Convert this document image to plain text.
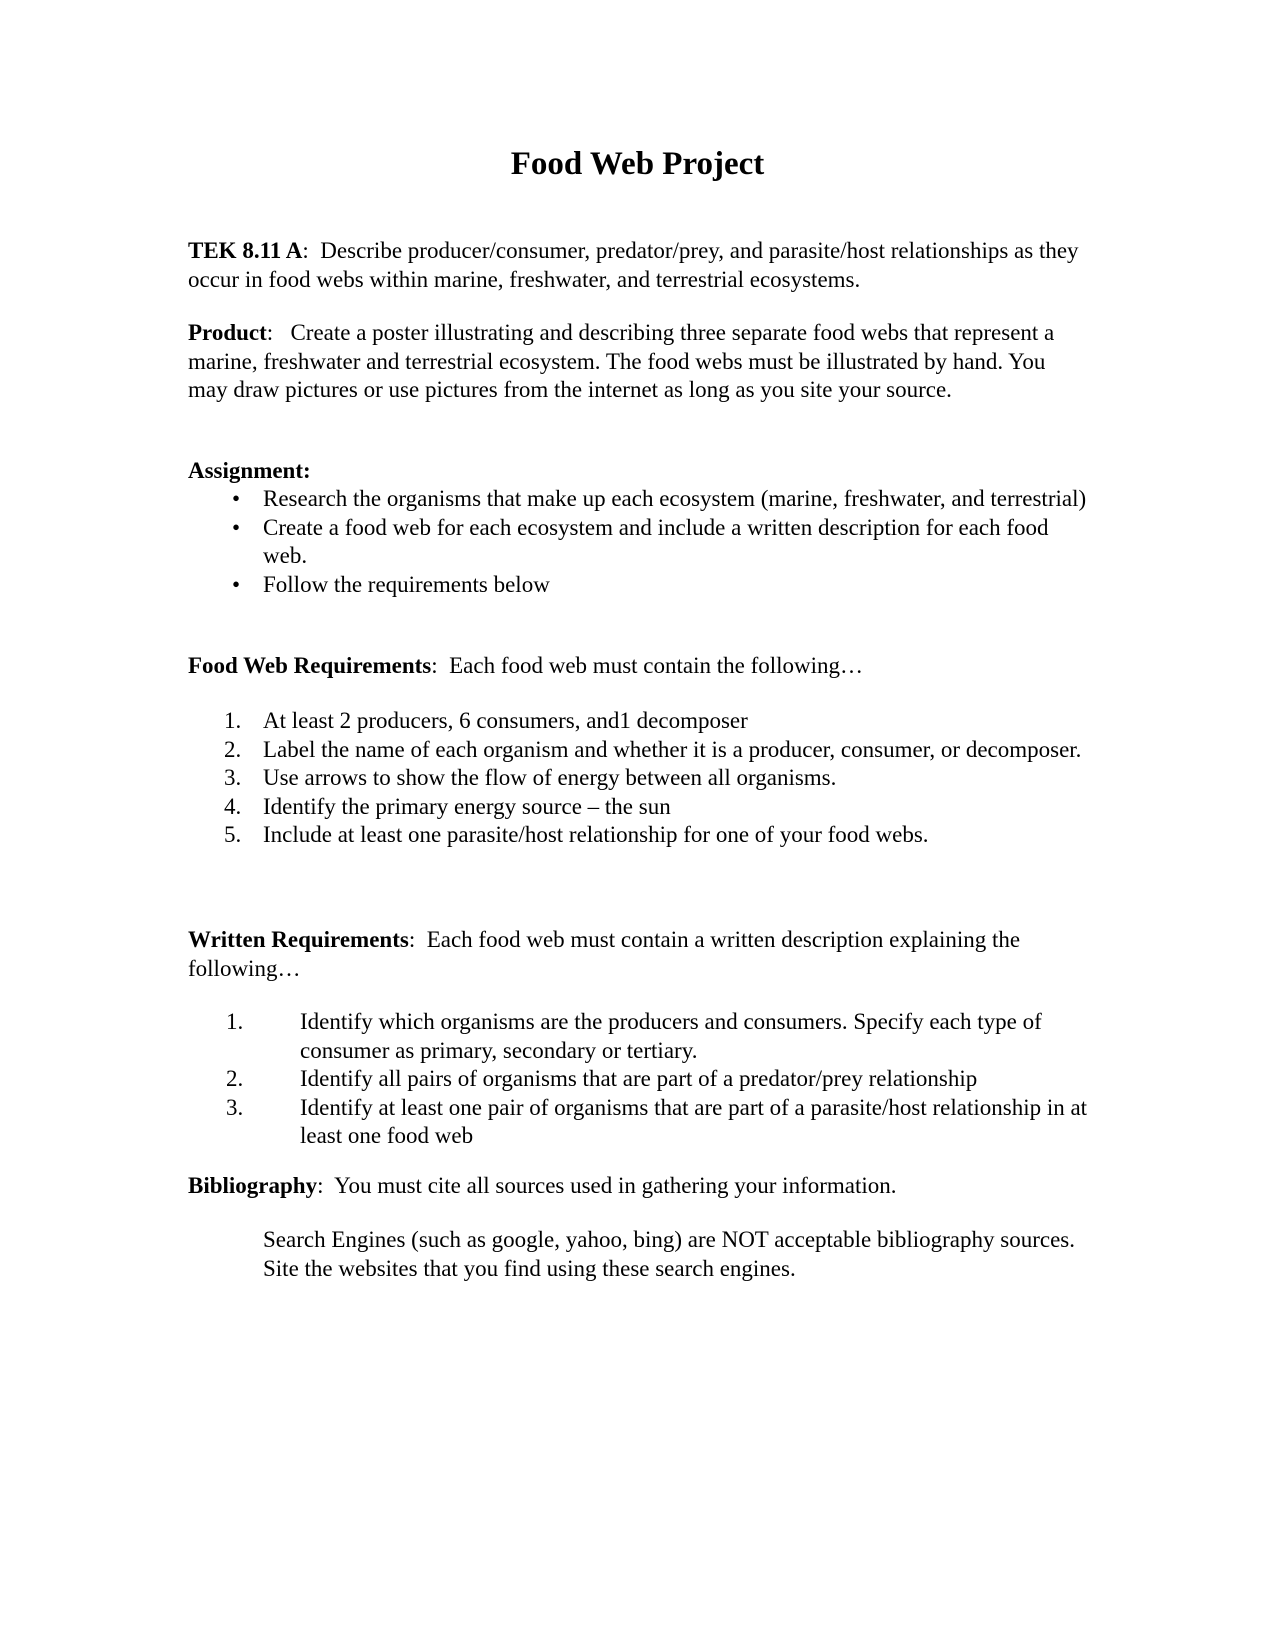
Food Web Project

TEK 8.11 A:  Describe producer/consumer, predator/prey, and parasite/host relationships as they occur in food webs within marine, freshwater, and terrestrial ecosystems.

Product:   Create a poster illustrating and describing three separate food webs that represent a marine, freshwater and terrestrial ecosystem. The food webs must be illustrated by hand. You may draw pictures or use pictures from the internet as long as you site your source.

Assignment:

• Research the organisms that make up each ecosystem (marine, freshwater, and terrestrial)
• Create a food web for each ecosystem and include a written description for each food web.
• Follow the requirements below

Food Web Requirements:  Each food web must contain the following…

1. At least 2 producers, 6 consumers, and1 decomposer
2. Label the name of each organism and whether it is a producer, consumer, or decomposer.
3. Use arrows to show the flow of energy between all organisms.
4. Identify the primary energy source – the sun
5. Include at least one parasite/host relationship for one of your food webs.

Written Requirements:  Each food web must contain a written description explaining the following…

1. Identify which organisms are the producers and consumers. Specify each type of consumer as primary, secondary or tertiary.
2. Identify all pairs of organisms that are part of a predator/prey relationship
3. Identify at least one pair of organisms that are part of a parasite/host relationship in at least one food web

Bibliography:  You must cite all sources used in gathering your information.

Search Engines (such as google, yahoo, bing) are NOT acceptable bibliography sources. Site the websites that you find using these search engines.
